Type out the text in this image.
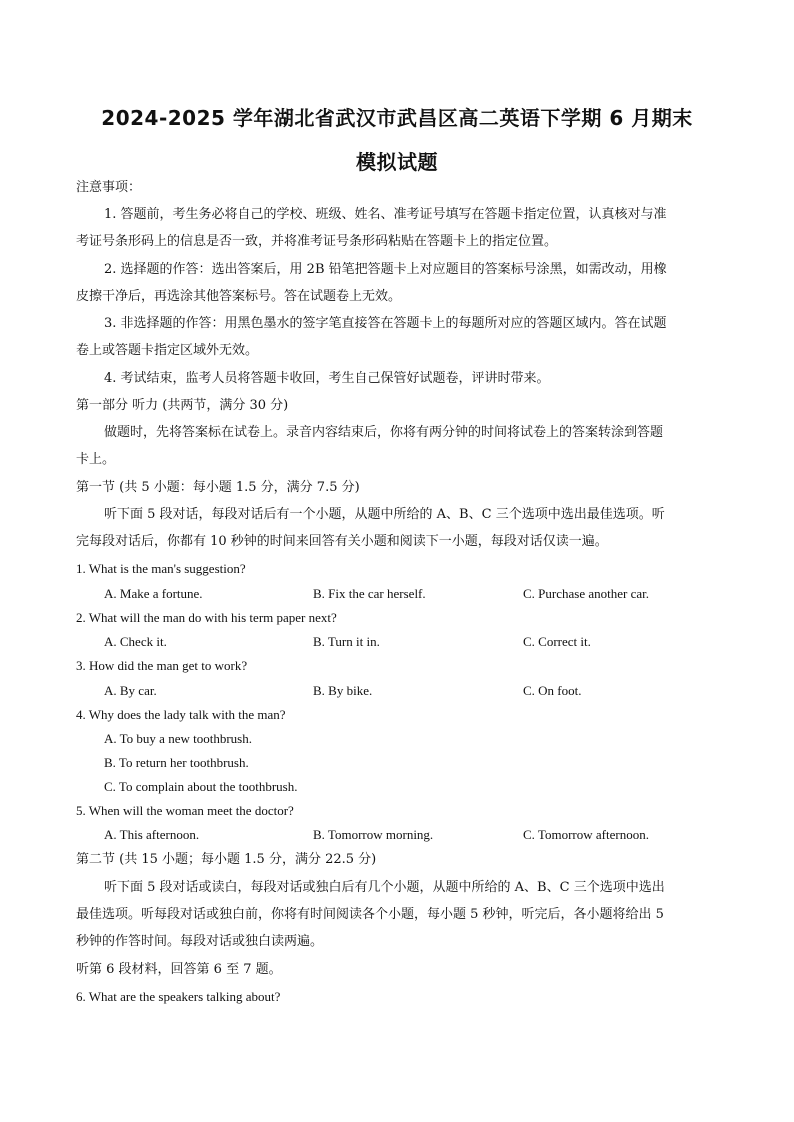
2024-2025 学年湖北省武汉市武昌区高二英语下学期 6 月期末
模拟试题
注意事项：
1. 答题前，考生务必将自己的学校、班级、姓名、准考证号填写在答题卡指定位置，认真核对与准
考证号条形码上的信息是否一致，并将准考证号条形码粘贴在答题卡上的指定位置。
2. 选择题的作答：选出答案后，用 2B 铅笔把答题卡上对应题目的答案标号涂黑，如需改动，用橡
皮擦干净后，再选涂其他答案标号。答在试题卷上无效。
3. 非选择题的作答：用黑色墨水的签字笔直接答在答题卡上的每题所对应的答题区域内。答在试题
卷上或答题卡指定区域外无效。
4. 考试结束，监考人员将答题卡收回，考生自己保管好试题卷，评讲时带来。
第一部分 听力 (共两节，满分 30 分)
做题时，先将答案标在试卷上。录音内容结束后，你将有两分钟的时间将试卷上的答案转涂到答题
卡上。
第一节 (共 5 小题：每小题 1.5 分，满分 7.5 分)
听下面 5 段对话，每段对话后有一个小题，从题中所给的 A、B、C 三个选项中选出最佳选项。听
完每段对话后，你都有 10 秒钟的时间来回答有关小题和阅读下一小题，每段对话仅读一遍。
1. What is the man's suggestion?
A. Make a fortune.	B. Fix the car herself.	C. Purchase another car.
2. What will the man do with his term paper next?
A. Check it.	B. Turn it in.	C. Correct it.
3. How did the man get to work?
A. By car.	B. By bike.	C. On foot.
4. Why does the lady talk with the man?
A. To buy a new toothbrush.
B. To return her toothbrush.
C. To complain about the toothbrush.
5. When will the woman meet the doctor?
A. This afternoon.	B. Tomorrow morning.	C. Tomorrow afternoon.
第二节 (共 15 小题；每小题 1.5 分，满分 22.5 分)
听下面 5 段对话或读白，每段对话或独白后有几个小题，从题中所给的 A、B、C 三个选项中选出
最佳选项。听每段对话或独白前，你将有时间阅读各个小题，每小题 5 秒钟，听完后，各小题将给出 5
秒钟的作答时间。每段对话或独白读两遍。
听第 6 段材料，回答第 6 至 7 题。
6. What are the speakers talking about?
